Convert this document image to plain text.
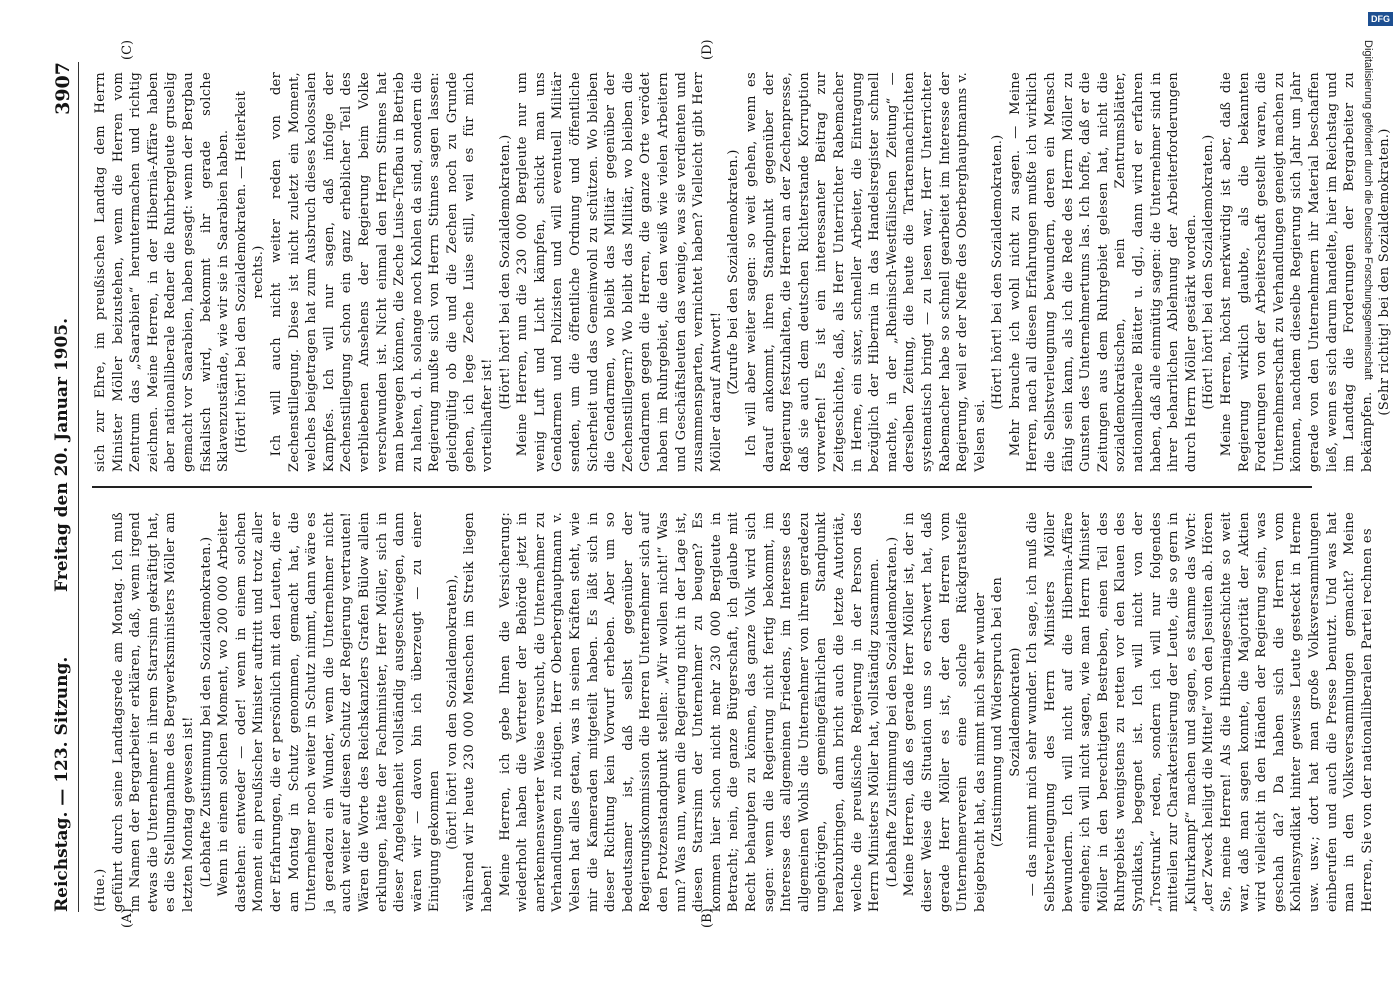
Reichstag. — 123. Sitzung.
Freitag den 20. Januar 1905.
3907
(A)	(B)
(C)	(D)

(Hue.) geführt durch seine Landtagsrede am Montag. Ich muß im Namen der Bergarbeiter erklären, daß, wenn irgend etwas die Unternehmer in ihrem Starrsinn gekräftigt hat, es die Stellungnahme des Bergwerksministers Möller am letzten Montag gewesen ist! (Lebhafte Zustimmung bei den Sozialdemokraten.) Wenn in einem solchen Moment, wo 200 000 Arbeiter dastehen: entweder — oder! wenn in einem solchen Moment ein preußischer Minister auftritt und trotz aller der Erfahrungen, die er persönlich mit den Leuten, die er am Montag in Schutz genommen, gemacht hat, die Unternehmer noch weiter in Schutz nimmt, dann wäre es ja geradezu ein Wunder, wenn die Unternehmer nicht auch weiter auf diesen Schutz der Regierung vertrauten! Wären die Worte des Reichskanzlers Grafen Bülow allein erklungen, hätte der Fachminister, Herr Möller, sich in dieser Angelegenheit vollständig ausgeschwiegen, dann wären wir — davon bin ich überzeugt — zu einer Einigung gekommen (hört! hört! von den Sozialdemokraten), während wir heute 230 000 Menschen im Streik liegen haben! Meine Herren, ich gebe Ihnen die Versicherung: wiederholt haben die Vertreter der Behörde jetzt in anerkennenswerter Weise versucht, die Unternehmer zu Verhandlungen zu nötigen. Herr Oberberghauptmann v. Velsen hat alles getan, was in seinen Kräften steht, wie mir die Kameraden mitgeteilt haben. Es läßt sich in dieser Richtung kein Vorwurf erheben. Aber um so bedeutsamer ist, daß selbst gegenüber der Regierungskommission die Herren Unternehmer sich auf den Protzenstandpunkt stellen: „Wir wollen nicht!“ Was nun? Was nun, wenn die Regierung nicht in der Lage ist, diesen Starrsinn der Unternehmer zu beugen? Es kommen hier schon nicht mehr 230 000 Bergleute in Betracht; nein, die ganze Bürgerschaft, ich glaube mit Recht behaupten zu können, das ganze Volk wird sich sagen: wenn die Regierung nicht fertig bekommt, im Interesse des allgemeinen Friedens, im Interesse des allgemeinen Wohls die Unternehmer von ihrem geradezu ungehörigen, gemeingefährlichen Standpunkt herabzubringen, dann bricht auch die letzte Autorität, welche die preußische Regierung in der Person des Herrn Ministers Möller hat, vollständig zusammen. (Lebhafte Zustimmung bei den Sozialdemokraten.) Meine Herren, daß es gerade Herr Möller ist, der in dieser Weise die Situation uns so erschwert hat, daß gerade Herr Möller es ist, der den Herren vom Unternehmerverein eine solche Rückgratsteife beigebracht hat, das nimmt mich sehr wunder (Zustimmung und Widerspruch bei den Sozialdemokraten) — das nimmt mich sehr wunder. Ich sage, ich muß die Selbstverleugnung des Herrn Ministers Möller bewundern. Ich will nicht auf die Hibernia-Affäre eingehen; ich will nicht sagen, wie man Herrn Minister Möller in den berechtigten Bestreben, einen Teil des Ruhrgebiets wenigstens zu retten vor den Klauen des Syndikats, begegnet ist. Ich will nicht von der „Trostrunk“ reden, sondern ich will nur folgendes mitteilen zur Charakterisierung der Leute, die so gern in „Kulturkampf“ machen und sagen, es stamme das Wort: „der Zweck heiligt die Mittel“ von den Jesuiten ab. Hören Sie, meine Herren! Als die Hiberniageschichte so weit war, daß man sagen konnte, die Majorität der Aktien wird vielleicht in den Händen der Regierung sein, was geschah da? Da haben sich die Herren vom Kohlensyndikat hinter gewisse Leute gesteckt in Herne usw. usw.; dort hat man große Volksversammlungen einberufen und auch die Presse benutzt. Und was hat man in den Volksversammlungen gemacht? Meine Herren, Sie von der nationalliberalen Partei rechnen es

sich zur Ehre, im preußischen Landtag dem Herrn Minister Möller beizustehen, wenn die Herren vom Zentrum das „Saarabien“ heruntermachen und richtig zeichnen. Meine Herren, in der Hibernia-Affäre haben aber nationalliberale Redner die Ruhrbergleute gruselig gemacht vor Saarabien, haben gesagt: wenn der Bergbau fiskalisch wird, bekommt ihr gerade solche Sklavenzustände, wie wir sie in Saarabien haben. (Hört! hört! bei den Sozialdemokraten. — Heiterkeit rechts.) Ich will auch nicht weiter reden von der Zechenstillegung. Diese ist nicht zuletzt ein Moment, welches beigetragen hat zum Ausbruch dieses kolossalen Kampfes. Ich will nur sagen, daß infolge der Zechenstillegung schon ein ganz erheblicher Teil des verbliebenen Ansehens der Regierung beim Volke verschwunden ist. Nicht einmal den Herrn Stinnes hat man bewegen können, die Zeche Luise-Tiefbau in Betrieb zu halten, d. h. solange noch Kohlen da sind, sondern die Regierung mußte sich von Herrn Stinnes sagen lassen: gleichgültig ob die und die Zechen noch zu Grunde gehen, ich lege Zeche Luise still, weil es für mich vorteilhafter ist!

(Hört! hört! bei den Sozialdemokraten.) Meine Herren, nun die 230 000 Bergleute nur um wenig Luft und Licht kämpfen, schickt man uns Gendarmen und Polizisten und will eventuell Militär senden, um die öffentliche Ordnung und öffentliche Sicherheit und das Gemeinwohl zu schützen. Wo bleiben die Gendarmen, wo bleibt das Militär gegenüber der Zechenstillegern? Wo bleibt das Militär, wo bleiben die Gendarmen gegen die Herren, die ganze Orte verödet haben im Ruhrgebiet, die den weiß wie vielen Arbeitern und Geschäftsleuten das wenige, was sie verdienten und zusammensparten, vernichtet haben? Vielleicht gibt Herr Möller darauf Antwort! (Zurufe bei den Sozialdemokraten.) Ich will aber weiter sagen: so weit gehen, wenn es darauf ankommt, ihren Standpunkt gegenüber der Regierung festzuhalten, die Herren an der Zechenpresse, daß sie auch dem deutschen Richterstande Korruption vorwerfen! Es ist ein interessanter Beitrag zur Zeitgeschichte, daß, als Herr Unterrichter Rabemacher in Herne, ein sixer, schneller Arbeiter, die Eintragung bezüglich der Hibernia in das Handelsregister schnell machte, in der „Rheinisch-Westfälischen Zeitung“ — derselben Zeitung, die heute die Tartarennachrichten systematisch bringt — zu lesen war, Herr Unterrichter Rabemacher habe so schnell gearbeitet im Interesse der Regierung, weil er der Neffe des Oberberghauptmanns v. Velsen sei.

(Hört! hört! bei den Sozialdemokraten.) Mehr brauche ich wohl nicht zu sagen. — Meine Herren, nach all diesen Erfahrungen mußte ich wirklich die Selbstverleugnung bewundern, deren ein Mensch fähig sein kann, als ich die Rede des Herrn Möller zu Gunsten des Unternehmertums las. Ich hoffe, daß er die Zeitungen aus dem Ruhrgebiet gelesen hat, nicht die sozialdemokratischen, nein Zentrumsblätter, nationalliberale Blätter u. dgl., dann wird er erfahren haben, daß alle einmütig sagen: die Unternehmer sind in ihrer beharrlichen Ablehnung der Arbeiterforderungen durch Herrn Möller gestärkt worden. (Hört! hört! bei den Sozialdemokraten.) Meine Herren, höchst merkwürdig ist aber, daß die Regierung wirklich glaubte, als die bekannten Forderungen von der Arbeiterschaft gestellt waren, die Unternehmerschaft zu Verhandlungen geneigt machen zu können, nachdem dieselbe Regierung sich Jahr um Jahr gerade von den Unternehmern ihr Material beschaffen ließ, wenn es sich darum handelte, hier im Reichstag und im Landtag die Forderungen der Bergarbeiter zu bekämpfen.

(Sehr richtig! bei den Sozialdemokraten.)

DFG
Digitalisierung gefördert durch die Deutsche Forschungsgemeinschaft
